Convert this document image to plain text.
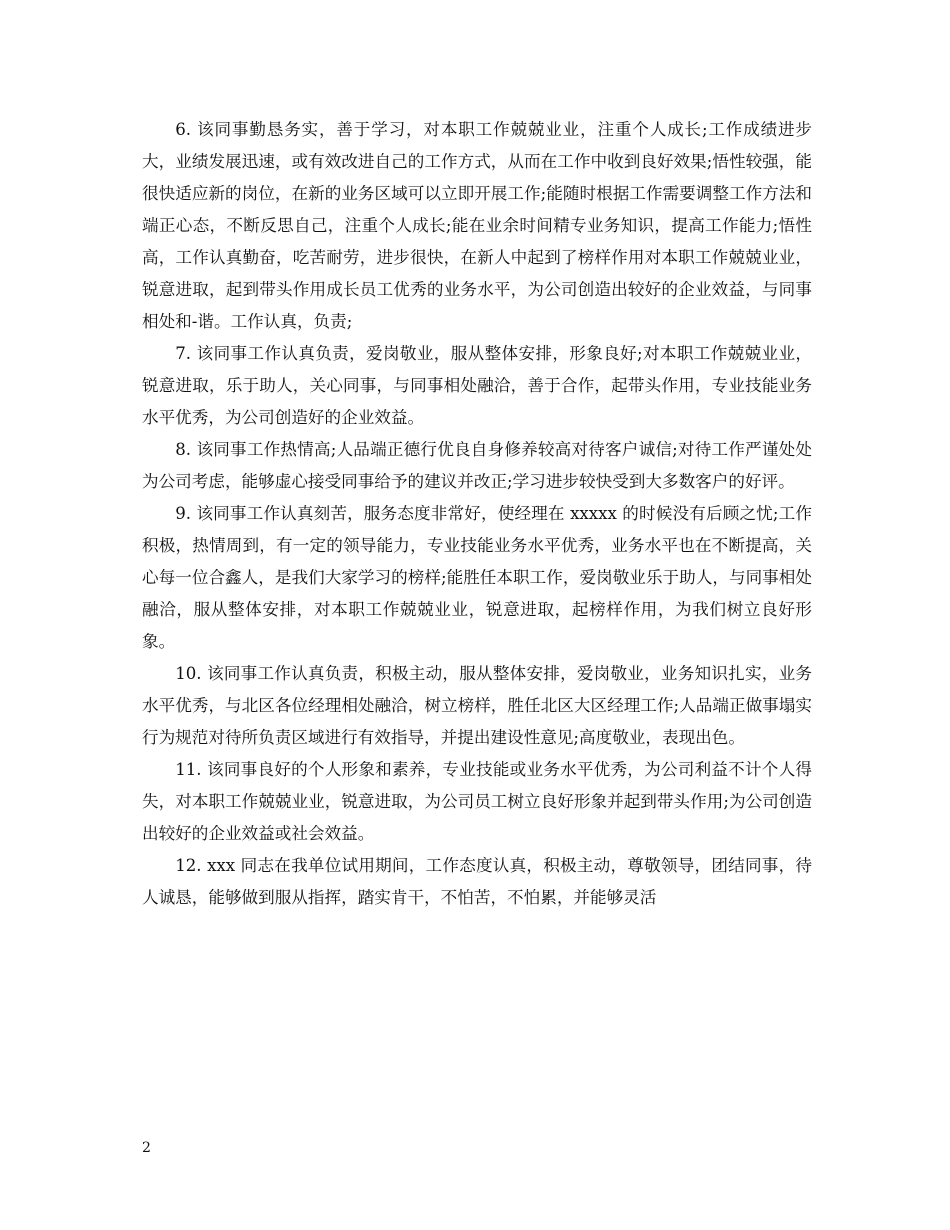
6. 该同事勤恳务实，善于学习，对本职工作兢兢业业，注重个人成长;工作成绩进步大，业绩发展迅速，或有效改进自己的工作方式，从而在工作中收到良好效果;悟性较强，能很快适应新的岗位，在新的业务区域可以立即开展工作;能随时根据工作需要调整工作方法和端正心态，不断反思自己，注重个人成长;能在业余时间精专业务知识，提高工作能力;悟性高，工作认真勤奋，吃苦耐劳，进步很快，在新人中起到了榜样作用对本职工作兢兢业业，锐意进取，起到带头作用成长员工优秀的业务水平，为公司创造出较好的企业效益，与同事相处和-谐。工作认真，负责;

7. 该同事工作认真负责，爱岗敬业，服从整体安排，形象良好;对本职工作兢兢业业，锐意进取，乐于助人，关心同事，与同事相处融洽，善于合作，起带头作用，专业技能业务水平优秀，为公司创造好的企业效益。

8. 该同事工作热情高;人品端正德行优良自身修养较高对待客户诚信;对待工作严谨处处为公司考虑，能够虚心接受同事给予的建议并改正;学习进步较快受到大多数客户的好评。

9. 该同事工作认真刻苦，服务态度非常好，使经理在 xxxxx 的时候没有后顾之忧;工作积极，热情周到，有一定的领导能力，专业技能业务水平优秀，业务水平也在不断提高，关心每一位合鑫人，是我们大家学习的榜样;能胜任本职工作，爱岗敬业乐于助人，与同事相处融洽，服从整体安排，对本职工作兢兢业业，锐意进取，起榜样作用，为我们树立良好形象。

10. 该同事工作认真负责，积极主动，服从整体安排，爱岗敬业，业务知识扎实，业务水平优秀，与北区各位经理相处融洽，树立榜样，胜任北区大区经理工作;人品端正做事塌实行为规范对待所负责区域进行有效指导，并提出建设性意见;高度敬业，表现出色。

11. 该同事良好的个人形象和素养，专业技能或业务水平优秀，为公司利益不计个人得失，对本职工作兢兢业业，锐意进取，为公司员工树立良好形象并起到带头作用;为公司创造出较好的企业效益或社会效益。

12. xxx 同志在我单位试用期间，工作态度认真，积极主动，尊敬领导，团结同事，待人诚恳，能够做到服从指挥，踏实肯干，不怕苦，不怕累，并能够灵活

2
